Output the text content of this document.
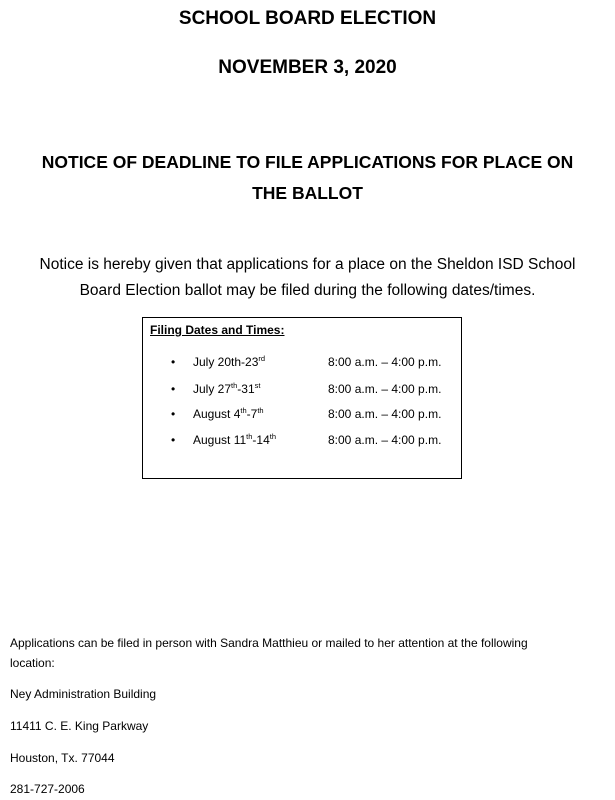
SCHOOL BOARD ELECTION
NOVEMBER 3, 2020
NOTICE OF DEADLINE TO FILE APPLICATIONS FOR PLACE ON
THE BALLOT
Notice is hereby given that applications for a place on the Sheldon ISD School
Board Election ballot may be filed during the following dates/times.
Filing Dates and Times:
• July 20th-23rd	8:00 a.m. – 4:00 p.m.
• July 27th-31st	8:00 a.m. – 4:00 p.m.
• August 4th-7th	8:00 a.m. – 4:00 p.m.
• August 11th-14th	8:00 a.m. – 4:00 p.m.
Applications can be filed in person with Sandra Matthieu or mailed to her attention at the following
location:
Ney Administration Building
11411 C. E. King Parkway
Houston, Tx. 77044
281-727-2006
